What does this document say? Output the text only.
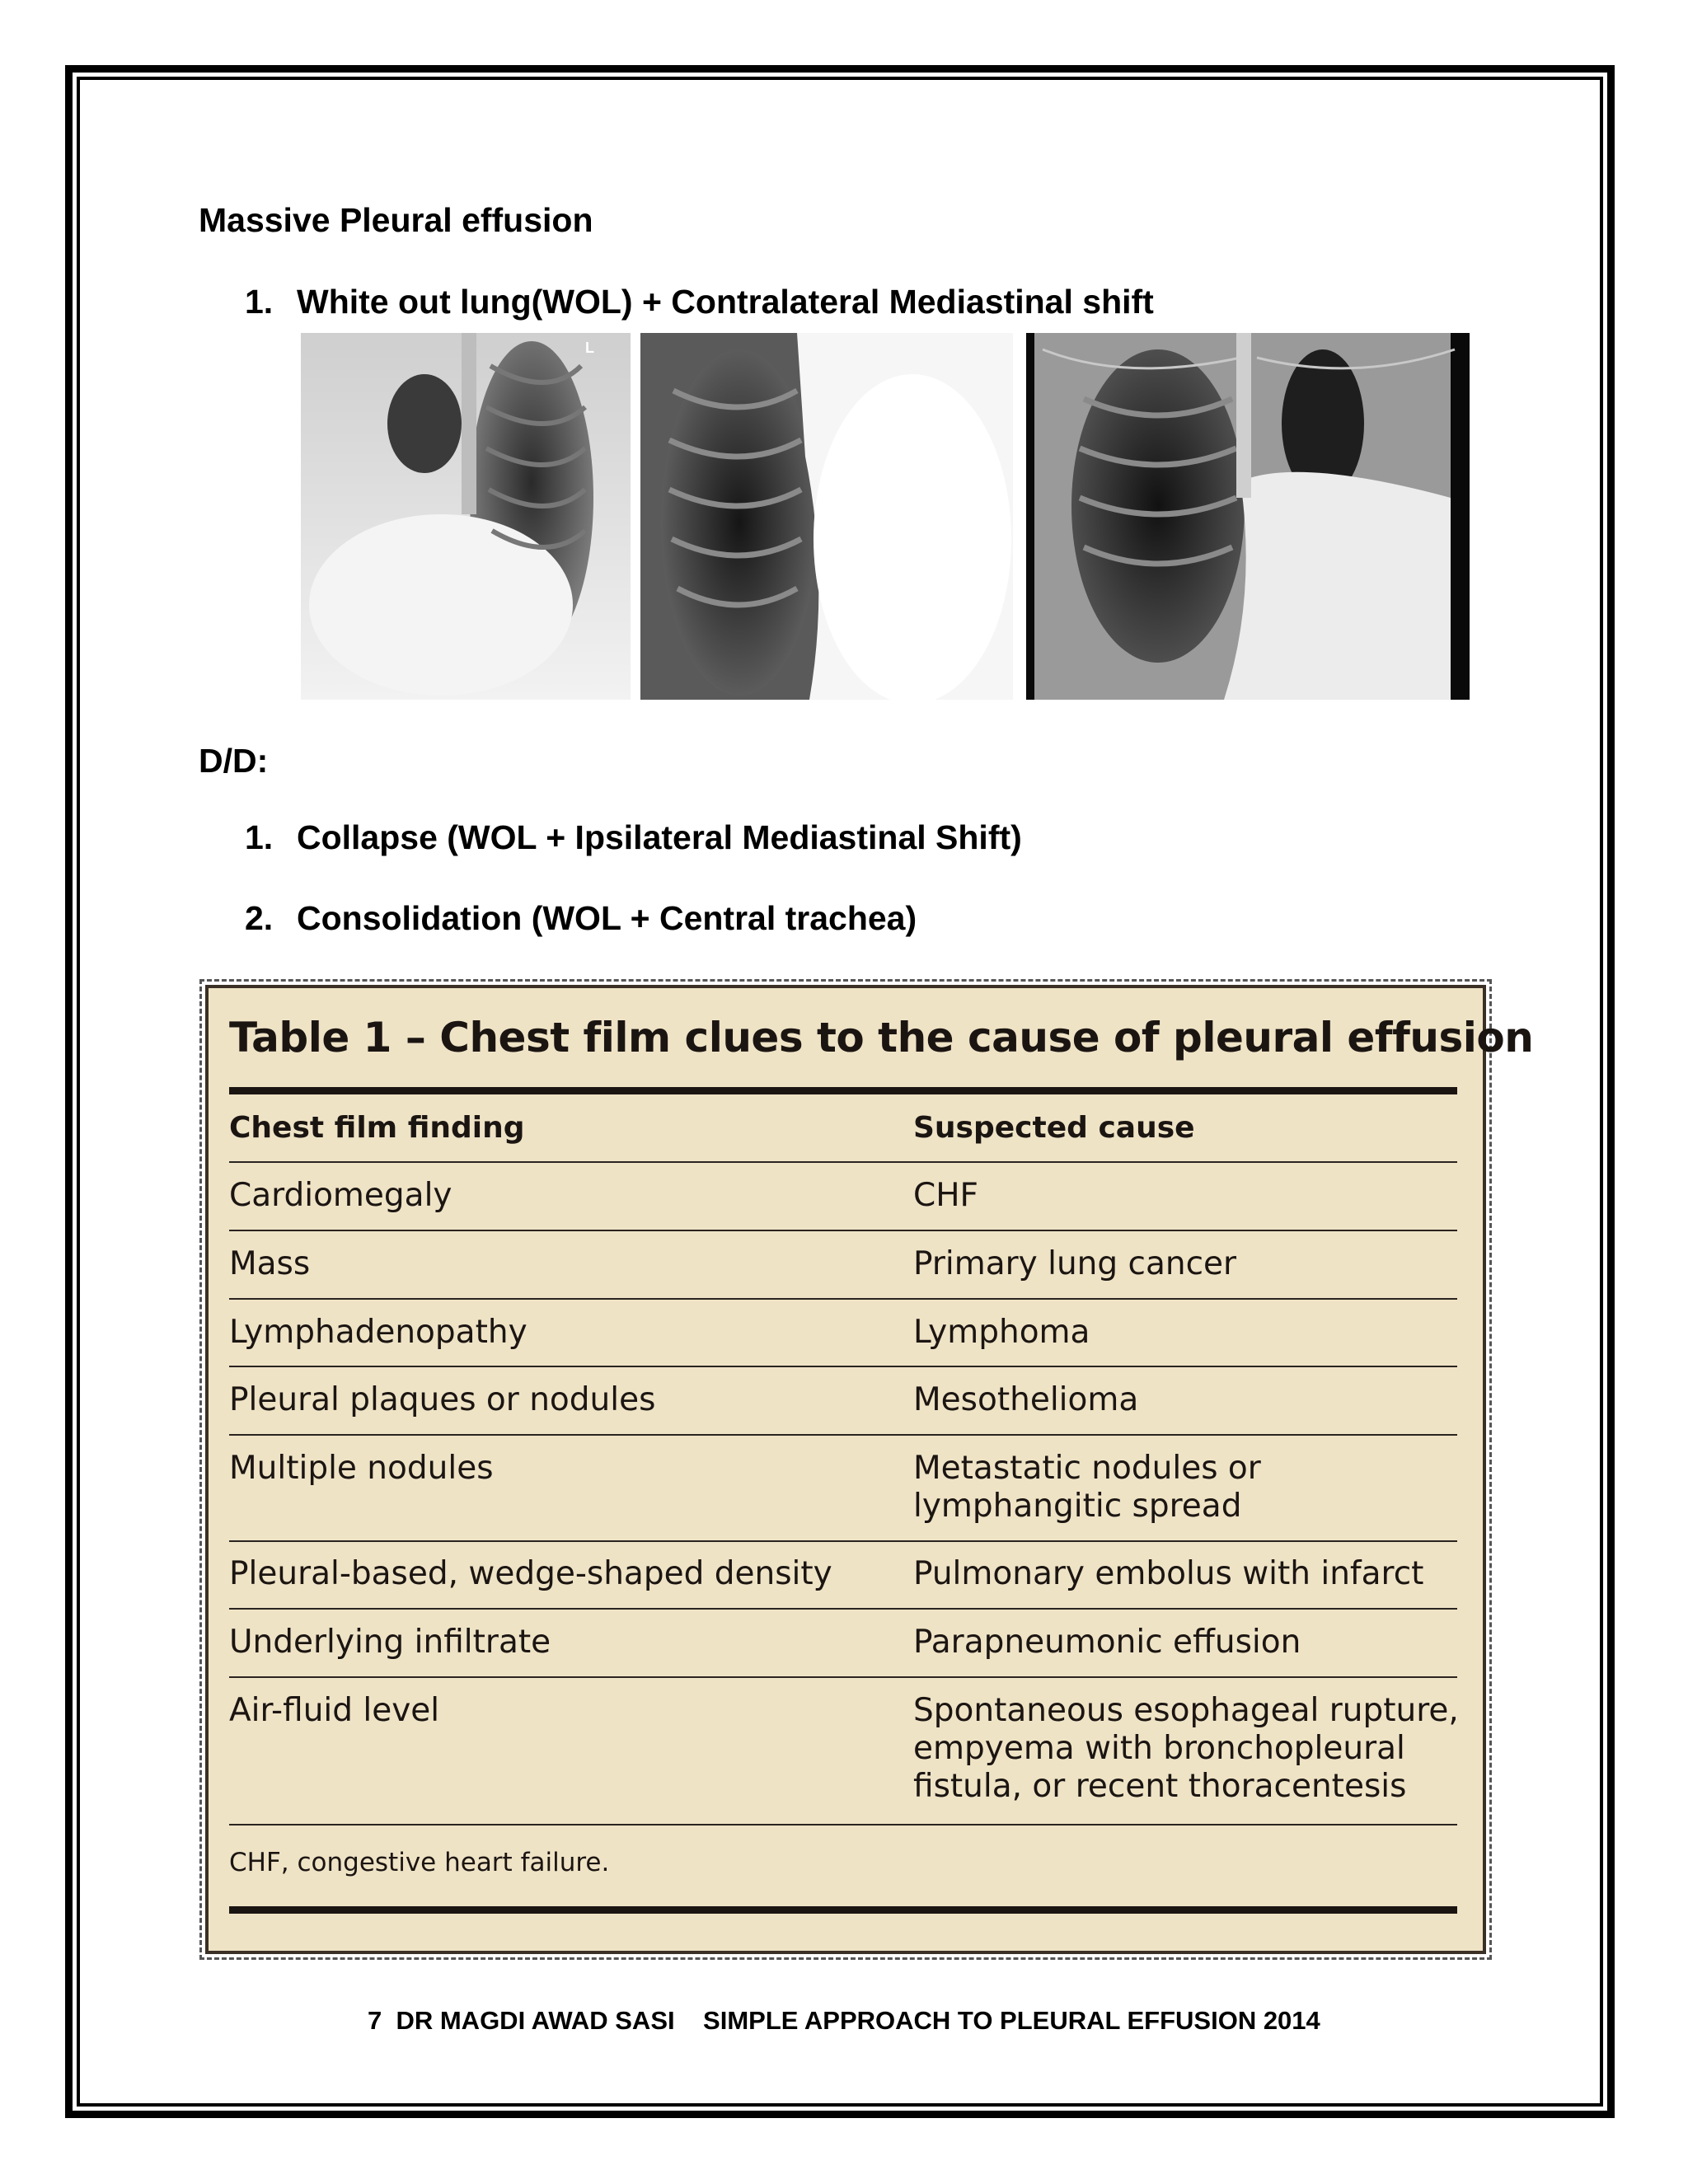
Massive Pleural effusion
1. White out lung(WOL) + Contralateral Mediastinal shift
L
D/D:
1. Collapse (WOL + Ipsilateral Mediastinal Shift)
2. Consolidation (WOL + Central trachea)
Table 1 – Chest film clues to the cause of pleural effusion
Chest film finding	Suspected cause
Cardiomegaly	CHF
Mass	Primary lung cancer
Lymphadenopathy	Lymphoma
Pleural plaques or nodules	Mesothelioma
Multiple nodules	Metastatic nodules or lymphangitic spread
Pleural-based, wedge-shaped density	Pulmonary embolus with infarct
Underlying infiltrate	Parapneumonic effusion
Air-fluid level	Spontaneous esophageal rupture, empyema with bronchopleural fistula, or recent thoracentesis
CHF, congestive heart failure.
7  DR MAGDI AWAD SASI    SIMPLE APPROACH TO PLEURAL EFFUSION 2014
